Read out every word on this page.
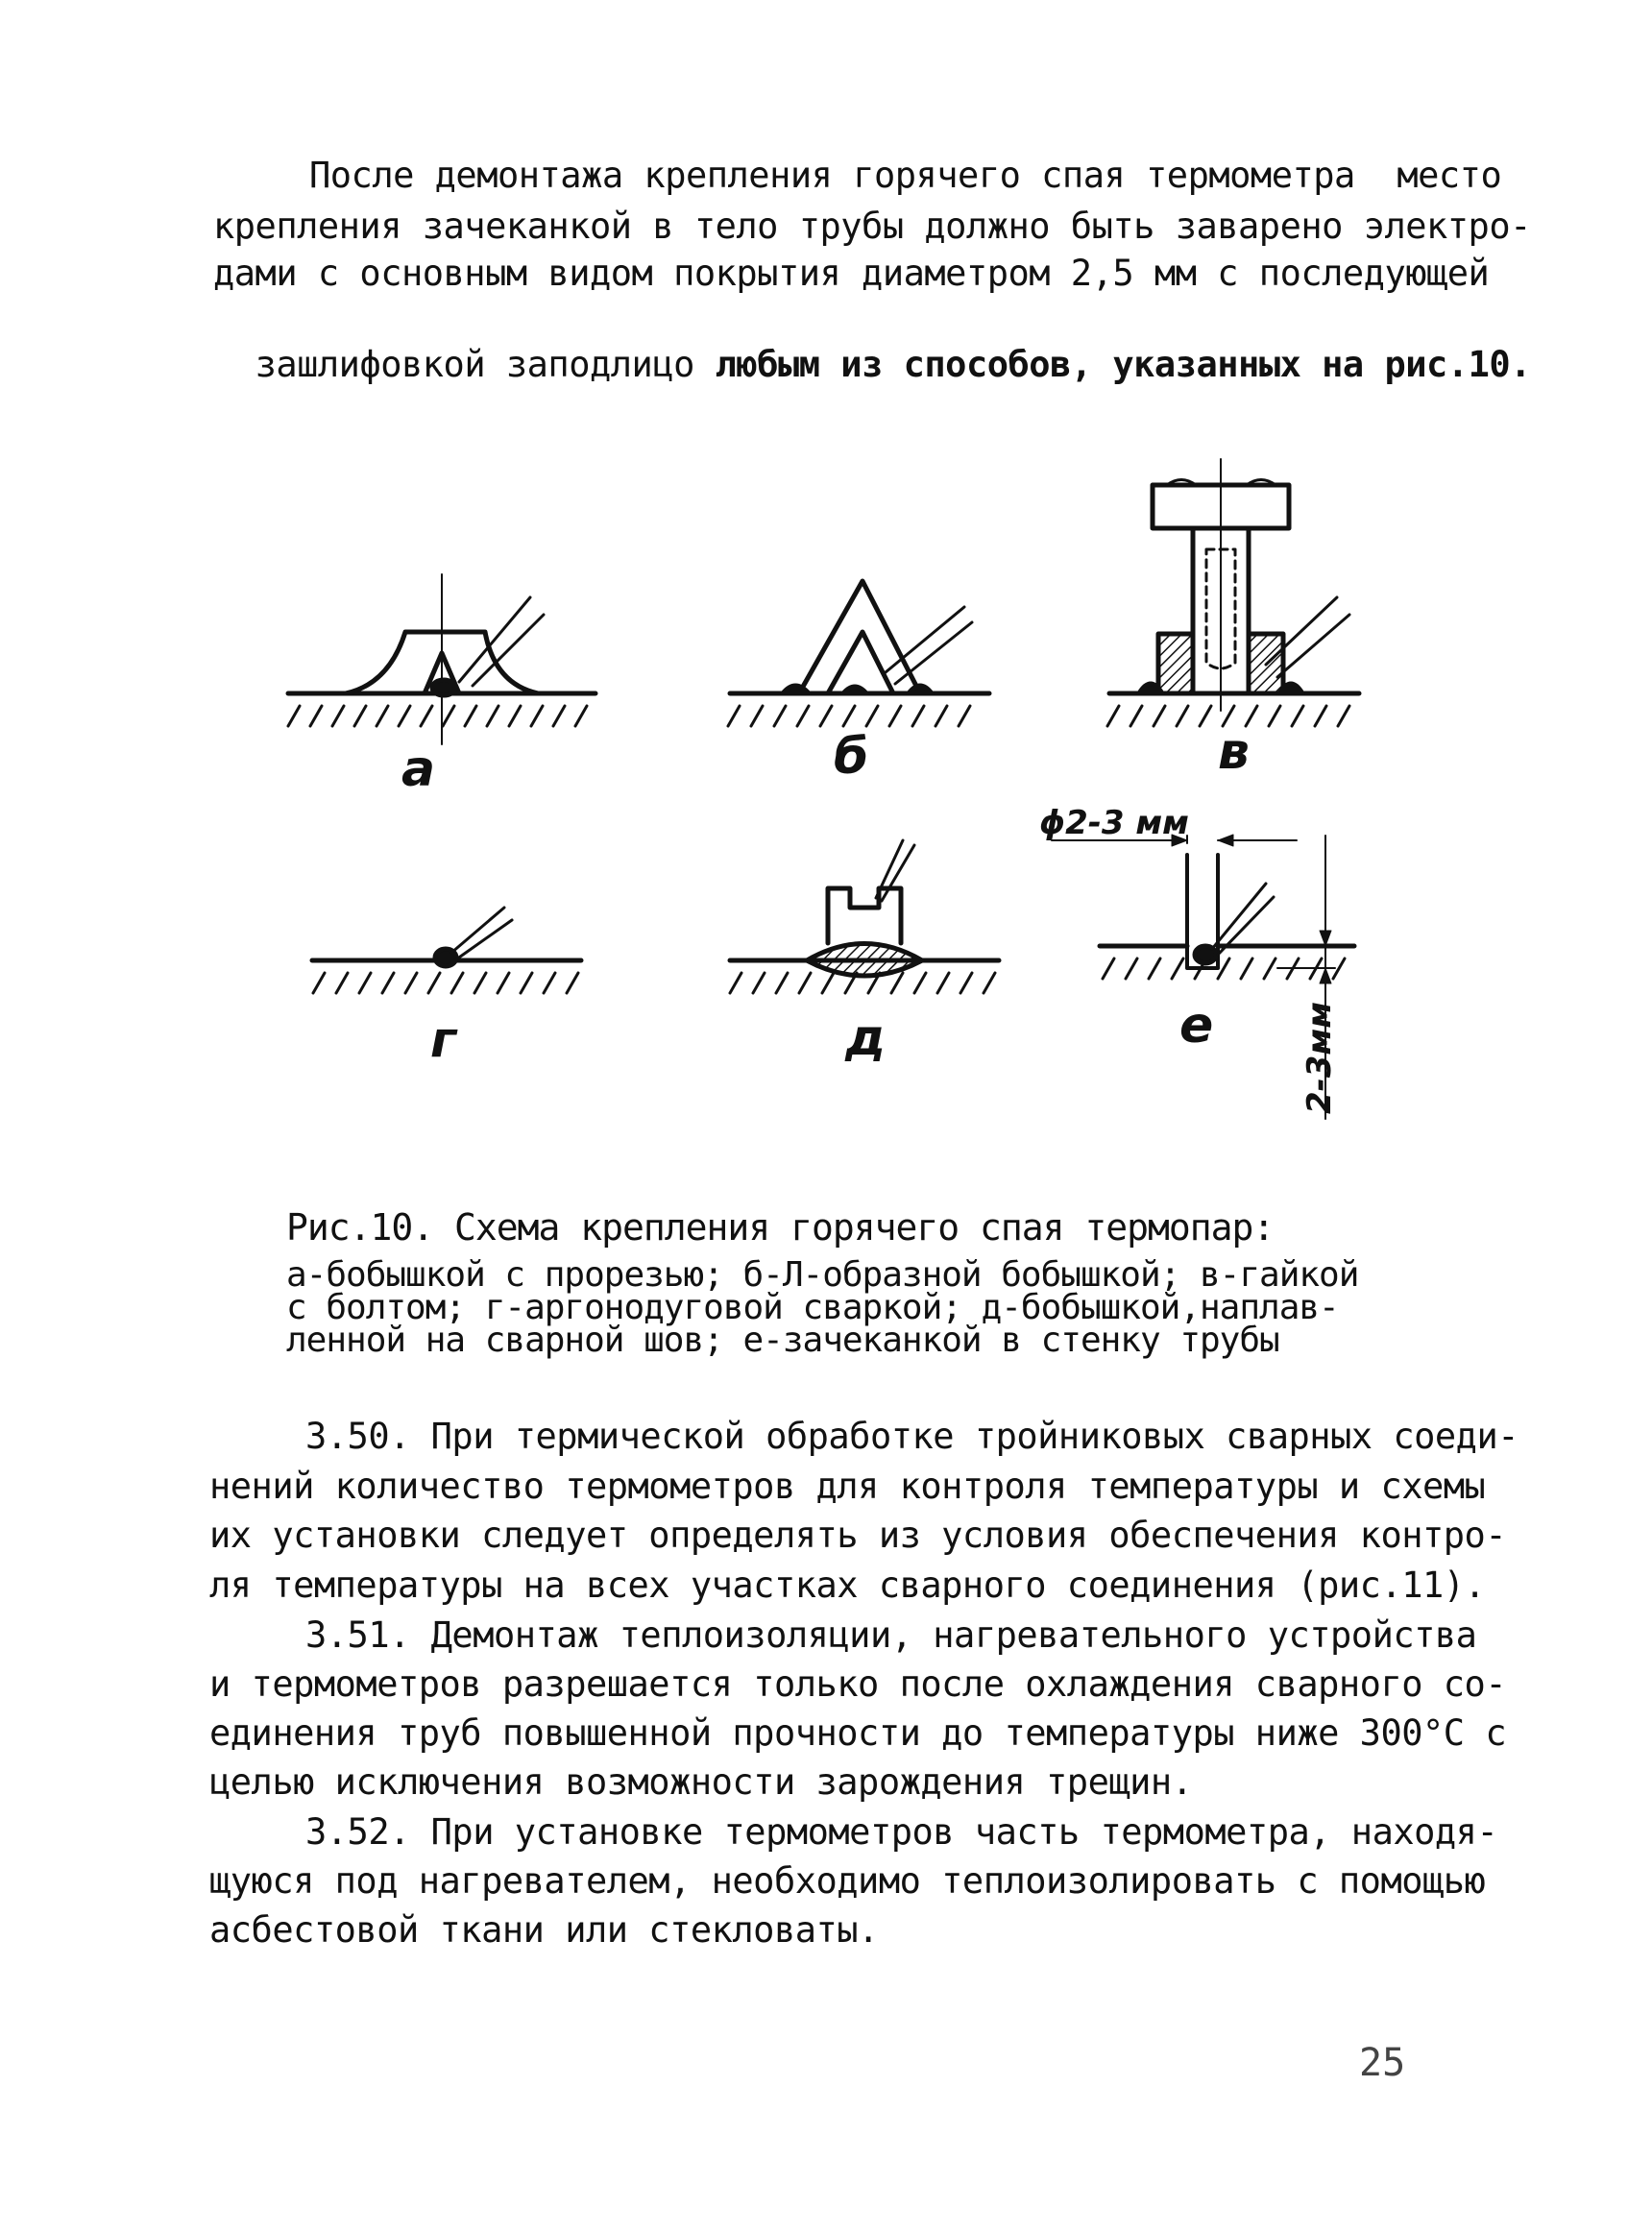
После демонтажа крепления горячего спая термометра  место
крепления зачеканкой в тело трубы должно быть заварено электро-
дами с основным видом покрытия диаметром 2,5 мм с последующей

зашлифовкой заподлицо любым из способов, указанных на рис.10.

а	б	в
г	д	е
ϕ2-3 мм
2-3мм
Рис.10. Схема крепления горячего спая термопар:
а-бобышкой с прорезью; б-Л-образной бобышкой; в-гайкой
с болтом; г-аргонодуговой сваркой; д-бобышкой,наплав-
ленной на сварной шов; е-зачеканкой в стенку трубы
3.50. При термической обработке тройниковых сварных соеди-
нений количество термометров для контроля температуры и схемы
их установки следует определять из условия обеспечения контро-
ля температуры на всех участках сварного соединения (рис.11).
3.51. Демонтаж теплоизоляции, нагревательного устройства
и термометров разрешается только после охлаждения сварного со-
единения труб повышенной прочности до температуры ниже 300°С с
целью исключения возможности зарождения трещин.
3.52. При установке термометров часть термометра, находя-
щуюся под нагревателем, необходимо теплоизолировать с помощью
асбестовой ткани или стекловаты.
25
